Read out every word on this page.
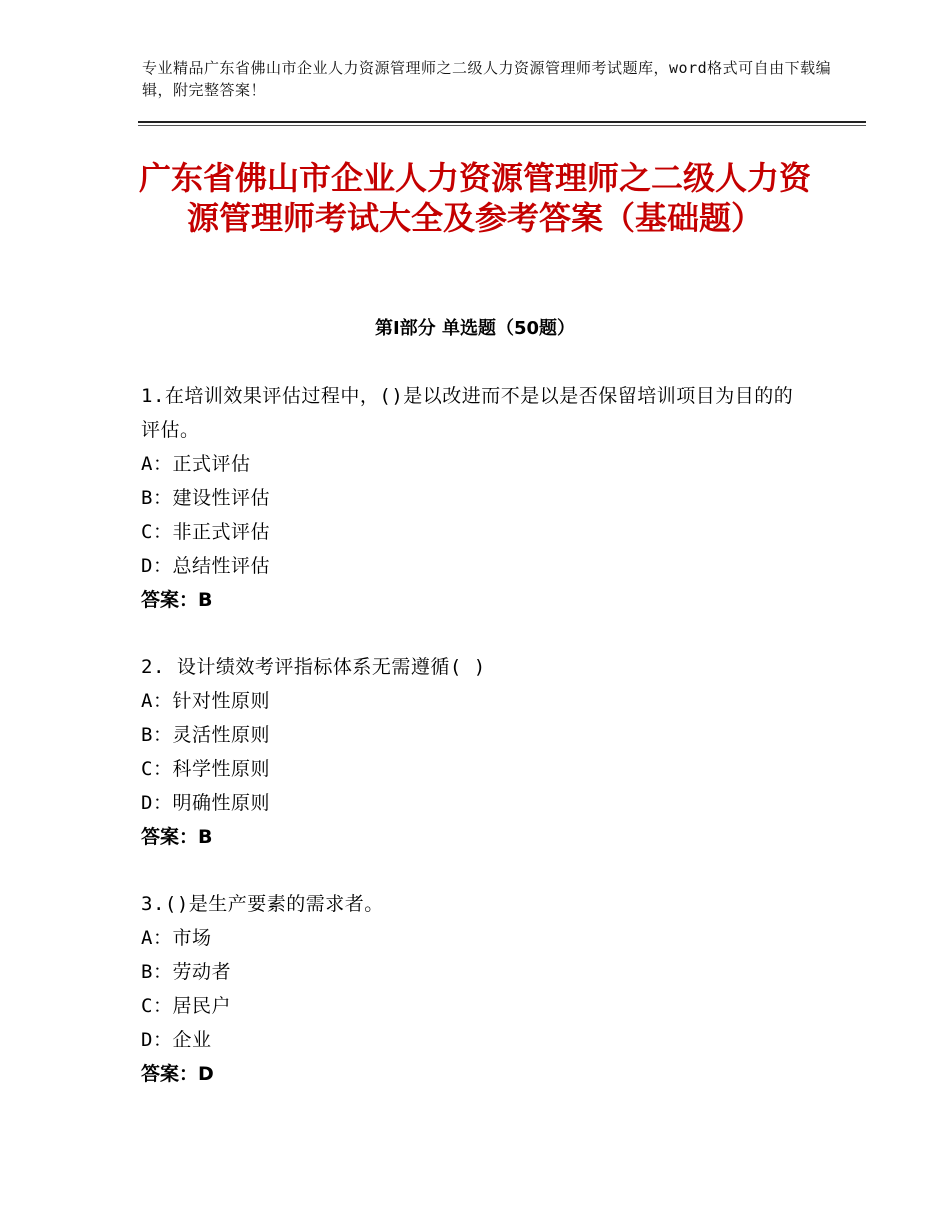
专业精品广东省佛山市企业人力资源管理师之二级人力资源管理师考试题库，word格式可自由下载编辑，附完整答案！
广东省佛山市企业人力资源管理师之二级人力资源管理师考试大全及参考答案（基础题）
第Ⅰ部分 单选题（50题）

1.在培训效果评估过程中，()是以改进而不是以是否保留培训项目为目的的评估。

A：正式评估

B：建设性评估

C：非正式评估

D：总结性评估

答案：B

2. 设计绩效考评指标体系无需遵循( )

A：针对性原则

B：灵活性原则

C：科学性原则

D：明确性原则

答案：B

3.()是生产要素的需求者。

A：市场

B：劳动者

C：居民户

D：企业

答案：D
